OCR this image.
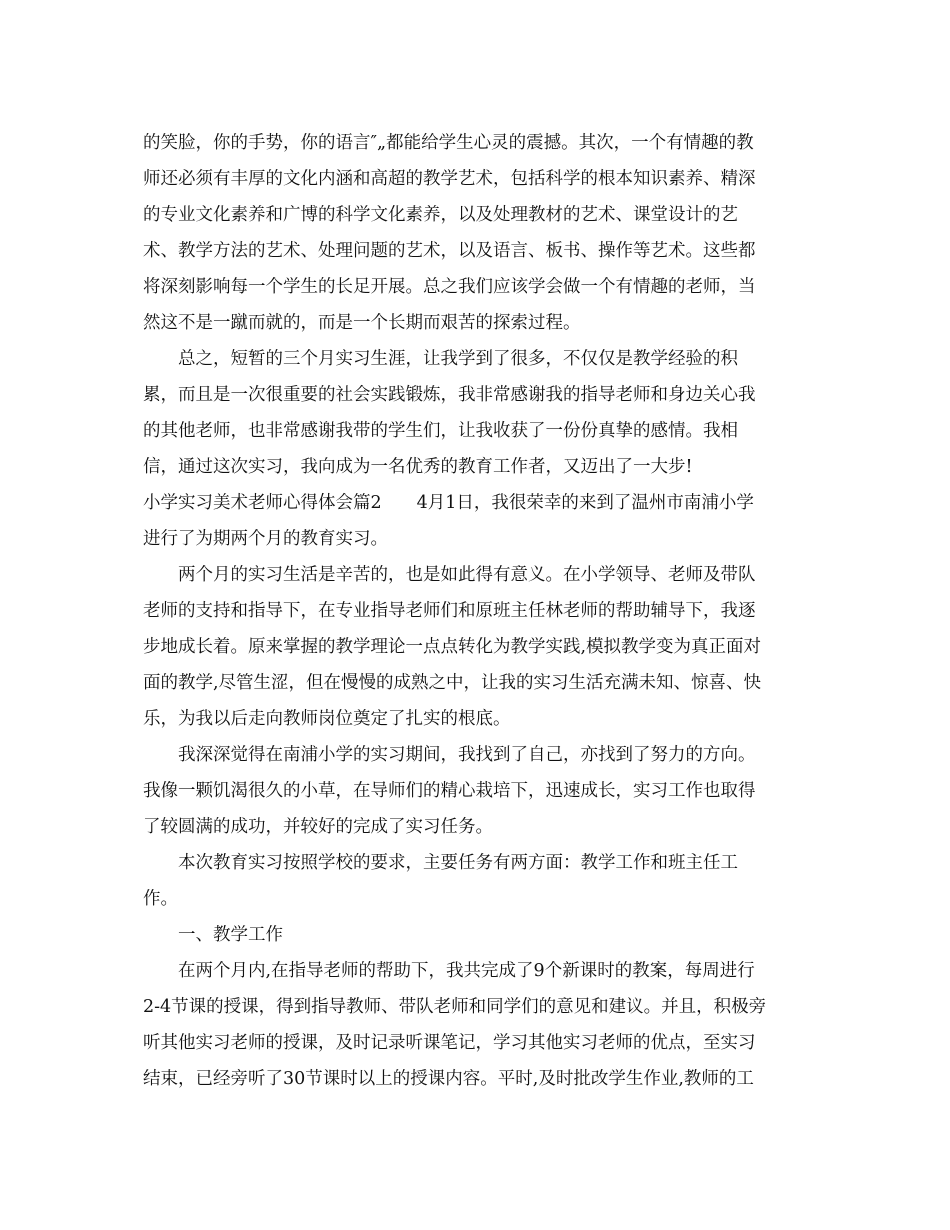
的笑脸，你的手势，你的语言″„都能给学生心灵的震撼。其次，一个有情趣的教
师还必须有丰厚的文化内涵和高超的教学艺术，包括科学的根本知识素养、精深
的专业文化素养和广博的科学文化素养，以及处理教材的艺术、课堂设计的艺
术、教学方法的艺术、处理问题的艺术，以及语言、板书、操作等艺术。这些都
将深刻影响每一个学生的长足开展。总之我们应该学会做一个有情趣的老师，当
然这不是一蹴而就的，而是一个长期而艰苦的探索过程。
总之，短暂的三个月实习生涯，让我学到了很多，不仅仅是教学经验的积
累，而且是一次很重要的社会实践锻炼，我非常感谢我的指导老师和身边关心我
的其他老师，也非常感谢我带的学生们，让我收获了一份份真挚的感情。我相
信，通过这次实习，我向成为一名优秀的教育工作者，又迈出了一大步!
小学实习美术老师心得体会篇2　　4月1日，我很荣幸的来到了温州市南浦小学
进行了为期两个月的教育实习。
两个月的实习生活是辛苦的，也是如此得有意义。在小学领导、老师及带队
老师的支持和指导下，在专业指导老师们和原班主任林老师的帮助辅导下，我逐
步地成长着。原来掌握的教学理论一点点转化为教学实践,模拟教学变为真正面对
面的教学,尽管生涩，但在慢慢的成熟之中，让我的实习生活充满未知、惊喜、快
乐，为我以后走向教师岗位奠定了扎实的根底。
我深深觉得在南浦小学的实习期间，我找到了自己，亦找到了努力的方向。
我像一颗饥渴很久的小草，在导师们的精心栽培下，迅速成长，实习工作也取得
了较圆满的成功，并较好的完成了实习任务。
本次教育实习按照学校的要求，主要任务有两方面：教学工作和班主任工
作。
一、教学工作
在两个月内,在指导老师的帮助下，我共完成了9个新课时的教案，每周进行
2-4节课的授课，得到指导教师、带队老师和同学们的意见和建议。并且，积极旁
听其他实习老师的授课，及时记录听课笔记，学习其他实习老师的优点，至实习
结束，已经旁听了30节课时以上的授课内容。平时,及时批改学生作业,教师的工
